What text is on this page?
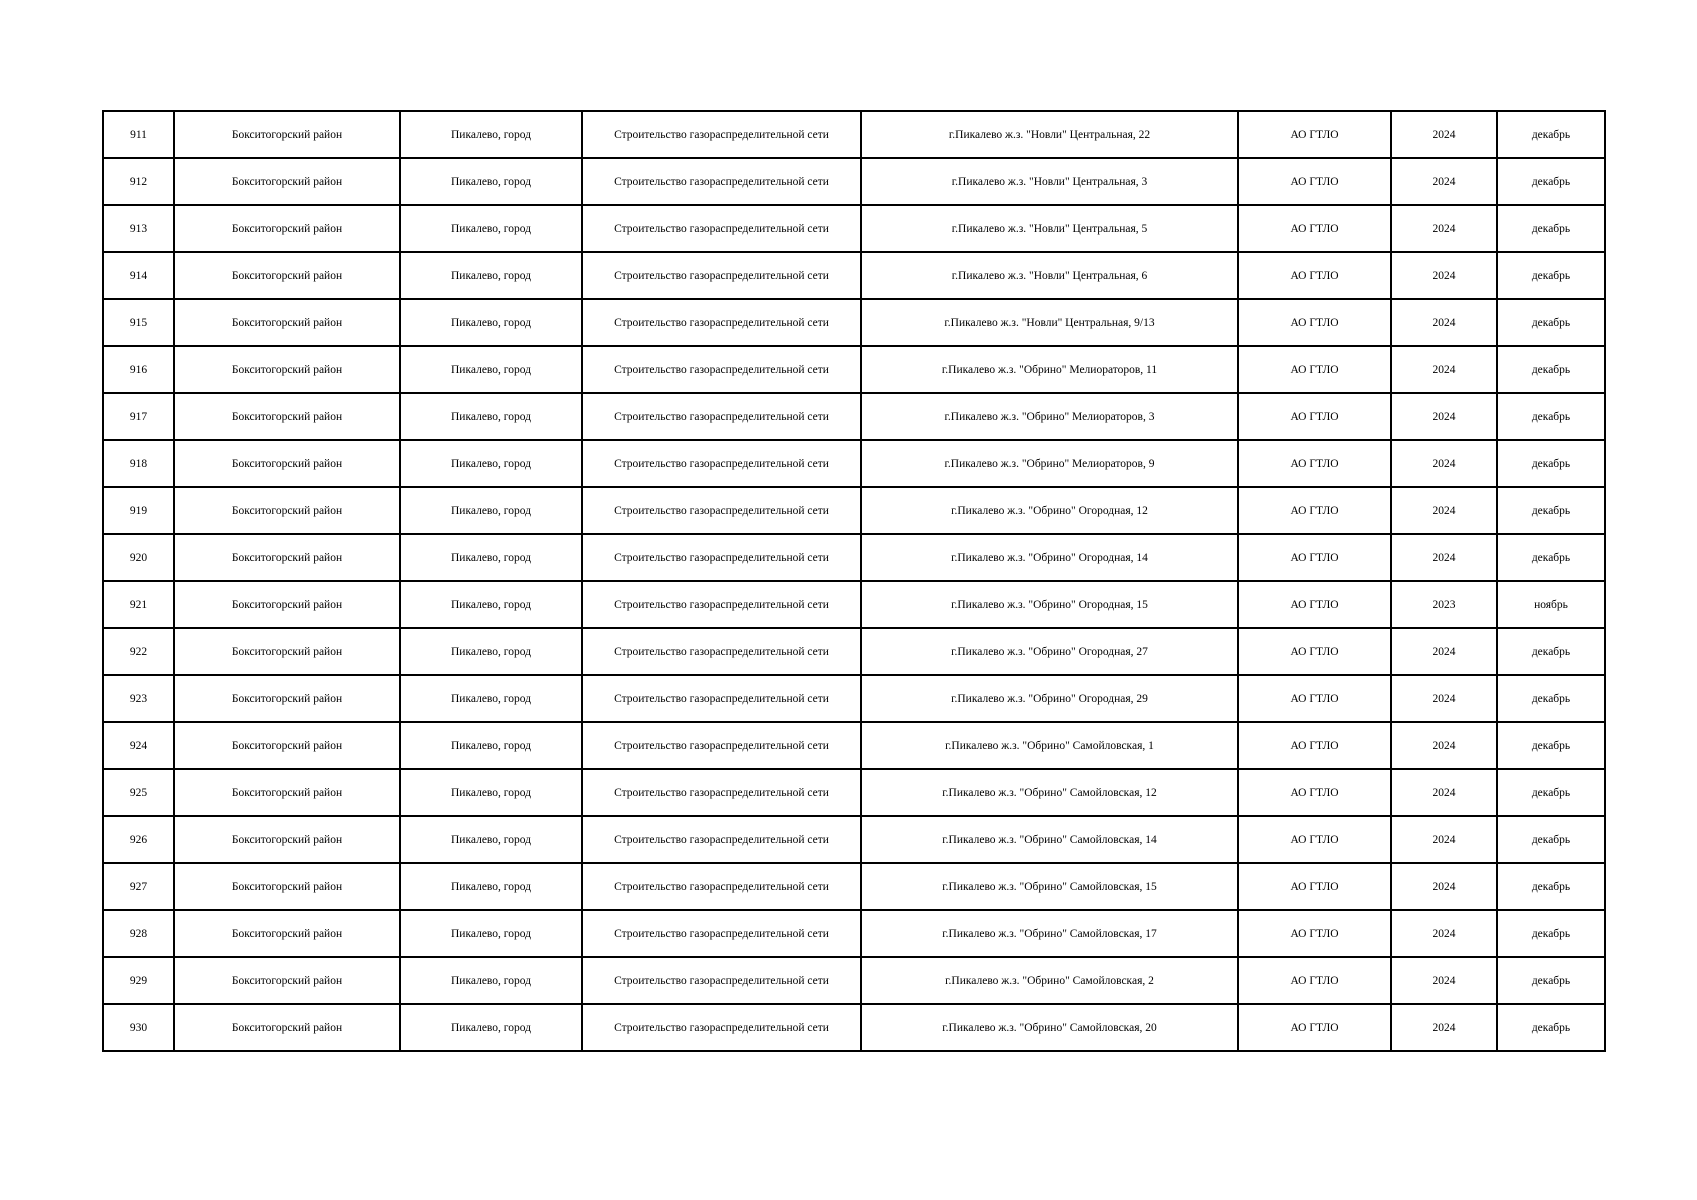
911	Бокситогорский район	Пикалево, город	Строительство газораспределительной сети	г.Пикалево ж.з. "Новли" Центральная, 22	АО ГТЛО	2024	декабрь
912	Бокситогорский район	Пикалево, город	Строительство газораспределительной сети	г.Пикалево ж.з. "Новли" Центральная, 3	АО ГТЛО	2024	декабрь
913	Бокситогорский район	Пикалево, город	Строительство газораспределительной сети	г.Пикалево ж.з. "Новли" Центральная, 5	АО ГТЛО	2024	декабрь
914	Бокситогорский район	Пикалево, город	Строительство газораспределительной сети	г.Пикалево ж.з. "Новли" Центральная, 6	АО ГТЛО	2024	декабрь
915	Бокситогорский район	Пикалево, город	Строительство газораспределительной сети	г.Пикалево ж.з. "Новли" Центральная, 9/13	АО ГТЛО	2024	декабрь
916	Бокситогорский район	Пикалево, город	Строительство газораспределительной сети	г.Пикалево ж.з. "Обрино" Мелиораторов, 11	АО ГТЛО	2024	декабрь
917	Бокситогорский район	Пикалево, город	Строительство газораспределительной сети	г.Пикалево ж.з. "Обрино" Мелиораторов, 3	АО ГТЛО	2024	декабрь
918	Бокситогорский район	Пикалево, город	Строительство газораспределительной сети	г.Пикалево ж.з. "Обрино" Мелиораторов, 9	АО ГТЛО	2024	декабрь
919	Бокситогорский район	Пикалево, город	Строительство газораспределительной сети	г.Пикалево ж.з. "Обрино" Огородная, 12	АО ГТЛО	2024	декабрь
920	Бокситогорский район	Пикалево, город	Строительство газораспределительной сети	г.Пикалево ж.з. "Обрино" Огородная, 14	АО ГТЛО	2024	декабрь
921	Бокситогорский район	Пикалево, город	Строительство газораспределительной сети	г.Пикалево ж.з. "Обрино" Огородная, 15	АО ГТЛО	2023	ноябрь
922	Бокситогорский район	Пикалево, город	Строительство газораспределительной сети	г.Пикалево ж.з. "Обрино" Огородная, 27	АО ГТЛО	2024	декабрь
923	Бокситогорский район	Пикалево, город	Строительство газораспределительной сети	г.Пикалево ж.з. "Обрино" Огородная, 29	АО ГТЛО	2024	декабрь
924	Бокситогорский район	Пикалево, город	Строительство газораспределительной сети	г.Пикалево ж.з. "Обрино" Самойловская, 1	АО ГТЛО	2024	декабрь
925	Бокситогорский район	Пикалево, город	Строительство газораспределительной сети	г.Пикалево ж.з. "Обрино" Самойловская, 12	АО ГТЛО	2024	декабрь
926	Бокситогорский район	Пикалево, город	Строительство газораспределительной сети	г.Пикалево ж.з. "Обрино" Самойловская, 14	АО ГТЛО	2024	декабрь
927	Бокситогорский район	Пикалево, город	Строительство газораспределительной сети	г.Пикалево ж.з. "Обрино" Самойловская, 15	АО ГТЛО	2024	декабрь
928	Бокситогорский район	Пикалево, город	Строительство газораспределительной сети	г.Пикалево ж.з. "Обрино" Самойловская, 17	АО ГТЛО	2024	декабрь
929	Бокситогорский район	Пикалево, город	Строительство газораспределительной сети	г.Пикалево ж.з. "Обрино" Самойловская, 2	АО ГТЛО	2024	декабрь
930	Бокситогорский район	Пикалево, город	Строительство газораспределительной сети	г.Пикалево ж.з. "Обрино" Самойловская, 20	АО ГТЛО	2024	декабрь
